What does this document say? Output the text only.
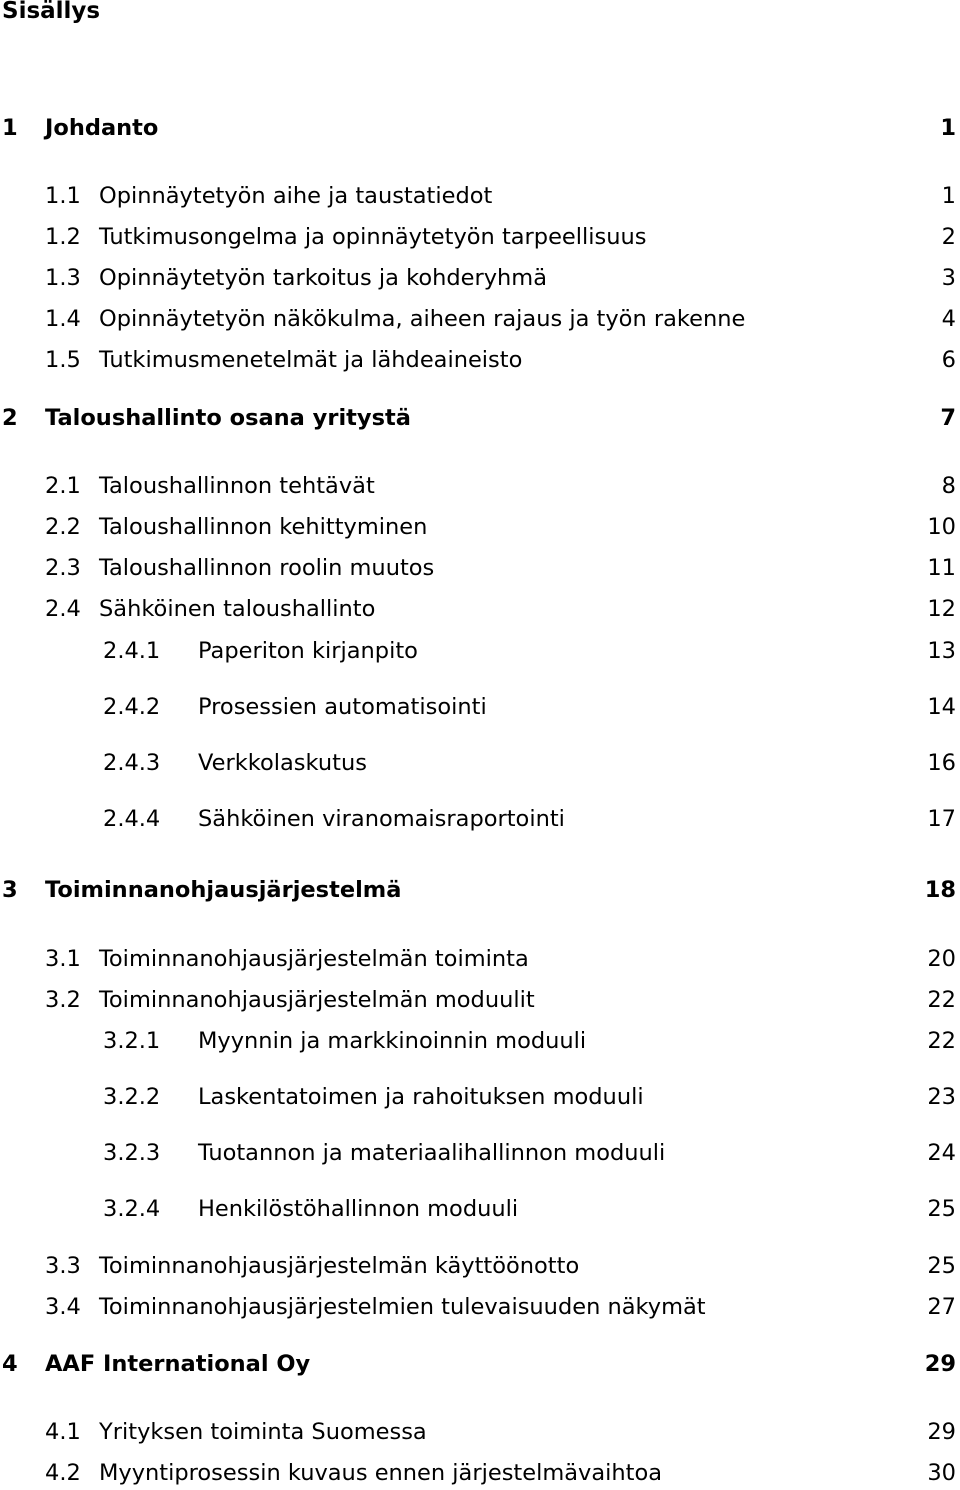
Sisällys
1 Johdanto	1
1.1 Opinnäytetyön aihe ja taustatiedot	1
1.2 Tutkimusongelma ja opinnäytetyön tarpeellisuus	2
1.3 Opinnäytetyön tarkoitus ja kohderyhmä	3
1.4 Opinnäytetyön näkökulma, aiheen rajaus ja työn rakenne	4
1.5 Tutkimusmenetelmät ja lähdeaineisto	6
2 Taloushallinto osana yritystä	7
2.1 Taloushallinnon tehtävät	8
2.2 Taloushallinnon kehittyminen	10
2.3 Taloushallinnon roolin muutos	11
2.4 Sähköinen taloushallinto	12
2.4.1 Paperiton kirjanpito	13
2.4.2 Prosessien automatisointi	14
2.4.3 Verkkolaskutus	16
2.4.4 Sähköinen viranomaisraportointi	17
3 Toiminnanohjausjärjestelmä	18
3.1 Toiminnanohjausjärjestelmän toiminta	20
3.2 Toiminnanohjausjärjestelmän moduulit	22
3.2.1 Myynnin ja markkinoinnin moduuli	22
3.2.2 Laskentatoimen ja rahoituksen moduuli	23
3.2.3 Tuotannon ja materiaalihallinnon moduuli	24
3.2.4 Henkilöstöhallinnon moduuli	25
3.3 Toiminnanohjausjärjestelmän käyttöönotto	25
3.4 Toiminnanohjausjärjestelmien tulevaisuuden näkymät	27
4 AAF International Oy	29
4.1 Yrityksen toiminta Suomessa	29
4.2 Myyntiprosessin kuvaus ennen järjestelmävaihtoa	30
